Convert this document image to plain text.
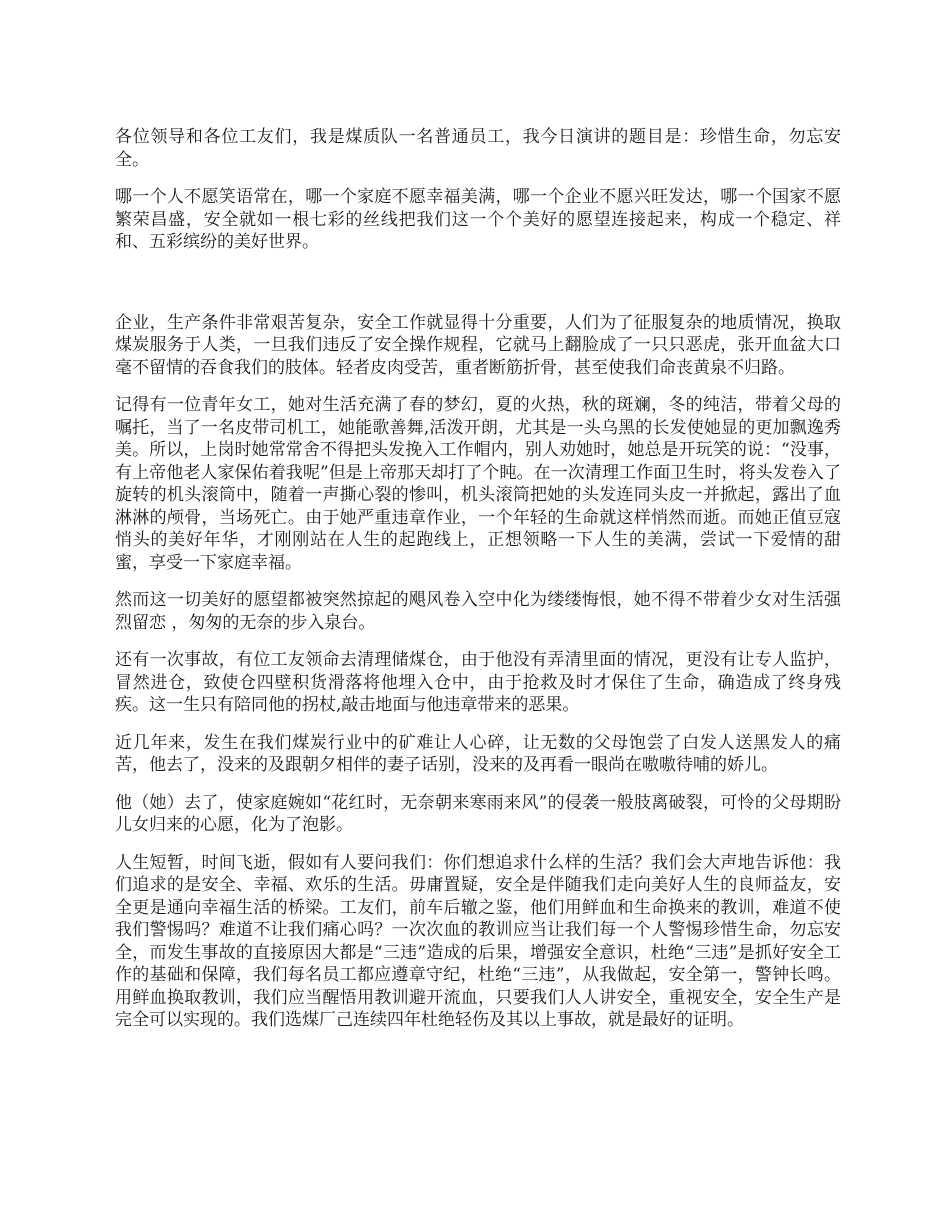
各位领导和各位工友们，我是煤质队一名普通员工，我今日演讲的题目是：珍惜生命，勿忘安全。

哪一个人不愿笑语常在，哪一个家庭不愿幸福美满，哪一个企业不愿兴旺发达，哪一个国家不愿繁荣昌盛，安全就如一根七彩的丝线把我们这一个个美好的愿望连接起来，构成一个稳定、祥和、五彩缤纷的美好世界。

企业，生产条件非常艰苦复杂，安全工作就显得十分重要，人们为了征服复杂的地质情况，换取煤炭服务于人类，一旦我们违反了安全操作规程，它就马上翻脸成了一只只恶虎，张开血盆大口毫不留情的吞食我们的肢体。轻者皮肉受苦，重者断筋折骨，甚至使我们命丧黄泉不归路。

记得有一位青年女工，她对生活充满了春的梦幻，夏的火热，秋的斑斓，冬的纯洁，带着父母的嘱托，当了一名皮带司机工，她能歌善舞,活泼开朗，尤其是一头乌黑的长发使她显的更加飘逸秀美。所以，上岗时她常常舍不得把头发挽入工作帽内，别人劝她时，她总是开玩笑的说：“没事，有上帝他老人家保佑着我呢”但是上帝那天却打了个盹。在一次清理工作面卫生时，将头发卷入了旋转的机头滚筒中，随着一声撕心裂的惨叫，机头滚筒把她的头发连同头皮一并掀起，露出了血淋淋的颅骨，当场死亡。由于她严重违章作业，一个年轻的生命就这样悄然而逝。而她正值豆寇悄头的美好年华，才刚刚站在人生的起跑线上，正想领略一下人生的美满，尝试一下爱情的甜蜜，享受一下家庭幸福。

然而这一切美好的愿望都被突然掠起的飓风卷入空中化为缕缕悔恨，她不得不带着少女对生活强烈留恋 ，匆匆的无奈的步入泉台。

还有一次事故，有位工友领命去清理储煤仓，由于他没有弄清里面的情况，更没有让专人监护，冒然进仓，致使仓四壁积货滑落将他埋入仓中，由于抢救及时才保住了生命，确造成了终身残疾。这一生只有陪同他的拐杖,敲击地面与他违章带来的恶果。

近几年来，发生在我们煤炭行业中的矿难让人心碎，让无数的父母饱尝了白发人送黑发人的痛苦，他去了，没来的及跟朝夕相伴的妻子话别，没来的及再看一眼尚在嗷嗷待哺的娇儿。

他（她）去了，使家庭婉如“花红时，无奈朝来寒雨来风”的侵袭一般肢离破裂，可怜的父母期盼儿女归来的心愿，化为了泡影。

人生短暂，时间飞逝，假如有人要问我们：你们想追求什么样的生活？我们会大声地告诉他：我们追求的是安全、幸福、欢乐的生活。毋庸置疑，安全是伴随我们走向美好人生的良师益友，安全更是通向幸福生活的桥梁。工友们，前车后辙之鉴，他们用鲜血和生命换来的教训，难道不使我们警惕吗？难道不让我们痛心吗？一次次血的教训应当让我们每一个人警惕珍惜生命，勿忘安全，而发生事故的直接原因大都是“三违”造成的后果，增强安全意识，杜绝“三违”是抓好安全工作的基础和保障，我们每名员工都应遵章守纪，杜绝“三违”，从我做起，安全第一，警钟长鸣。用鲜血换取教训，我们应当醒悟用教训避开流血，只要我们人人讲安全，重视安全，安全生产是完全可以实现的。我们选煤厂己连续四年杜绝轻伤及其以上事故，就是最好的证明。
